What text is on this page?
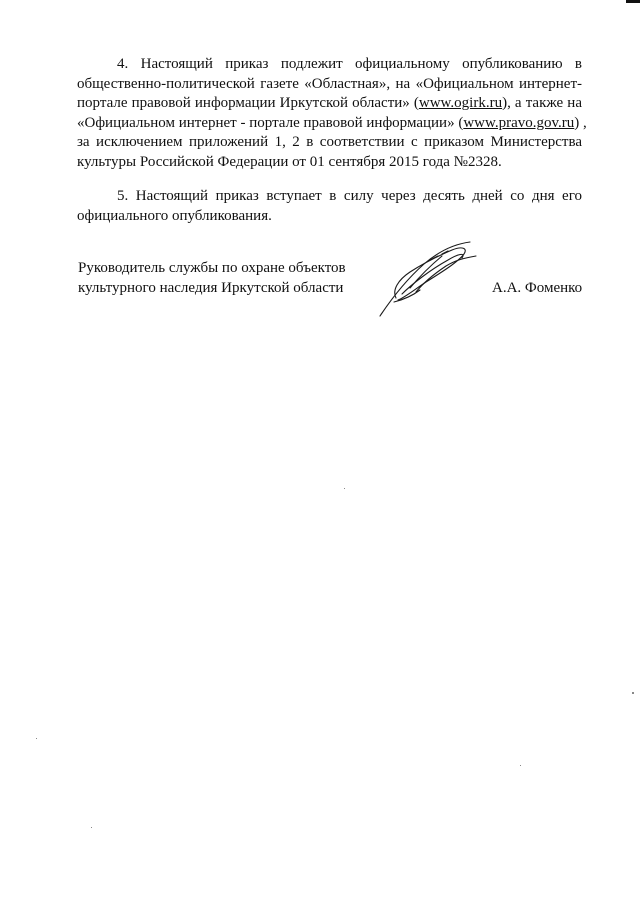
4. Настоящий приказ подлежит официальному опубликованию в
общественно-политической газете «Областная», на «Официальном интернет-
портале правовой информации Иркутской области» (www.ogirk.ru), а также на
«Официальном интернет - портале правовой информации» (www.pravo.gov.ru) ,
за исключением приложений 1, 2 в соответствии с приказом Министерства
культуры Российской Федерации от 01 сентября 2015 года №2328.
5. Настоящий приказ вступает в силу через десять дней со дня его
официального опубликования.
Руководитель службы по охране объектов
культурного наследия Иркутской области	А.А. Фоменко
